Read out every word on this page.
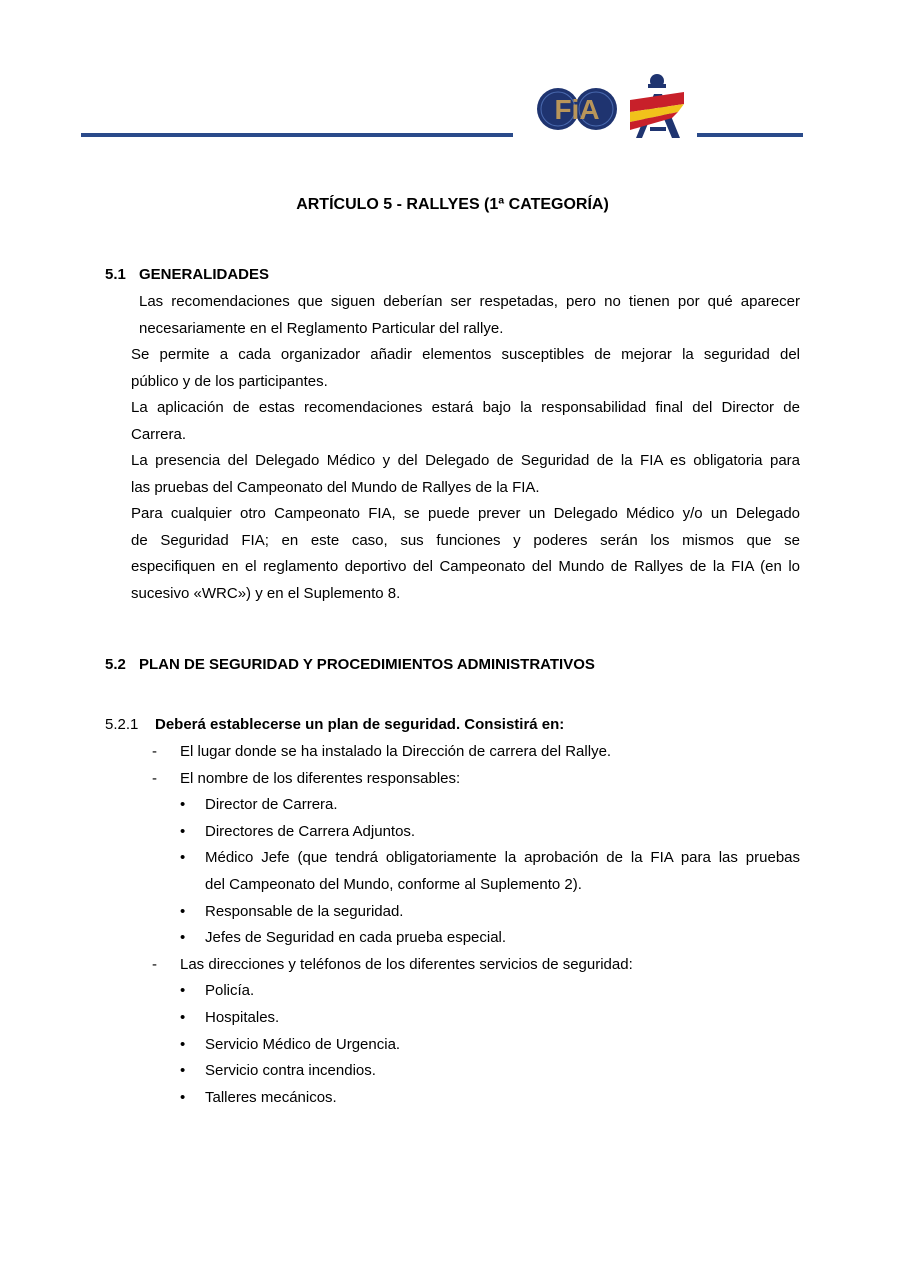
FiA
ARTÍCULO 5 - RALLYES (1ª CATEGORÍA)
5.1 GENERALIDADES
Las recomendaciones que siguen deberían ser respetadas, pero no tienen por qué aparecer
necesariamente en el Reglamento Particular del rallye.
Se permite a cada organizador añadir elementos susceptibles de mejorar la seguridad del
público y de los participantes.
La aplicación de estas recomendaciones estará bajo la responsabilidad final del Director de
Carrera.
La presencia del Delegado Médico y del Delegado de Seguridad de la FIA es obligatoria para
las pruebas del Campeonato del Mundo de Rallyes de la FIA.
Para cualquier otro Campeonato FIA, se puede prever un Delegado Médico y/o un Delegado
de Seguridad FIA; en este caso, sus funciones y poderes serán los mismos que se
especifiquen en el reglamento deportivo del Campeonato del Mundo de Rallyes de la FIA (en lo
sucesivo «WRC») y en el Suplemento 8.
5.2 PLAN DE SEGURIDAD Y PROCEDIMIENTOS ADMINISTRATIVOS
5.2.1 Deberá establecerse un plan de seguridad. Consistirá en:
- El lugar donde se ha instalado la Dirección de carrera del Rallye.
- El nombre de los diferentes responsables:
• Director de Carrera.
• Directores de Carrera Adjuntos.
• Médico Jefe (que tendrá obligatoriamente la aprobación de la FIA para las pruebas
del Campeonato del Mundo, conforme al Suplemento 2).
• Responsable de la seguridad.
• Jefes de Seguridad en cada prueba especial.
- Las direcciones y teléfonos de los diferentes servicios de seguridad:
• Policía.
• Hospitales.
• Servicio Médico de Urgencia.
• Servicio contra incendios.
• Talleres mecánicos.
